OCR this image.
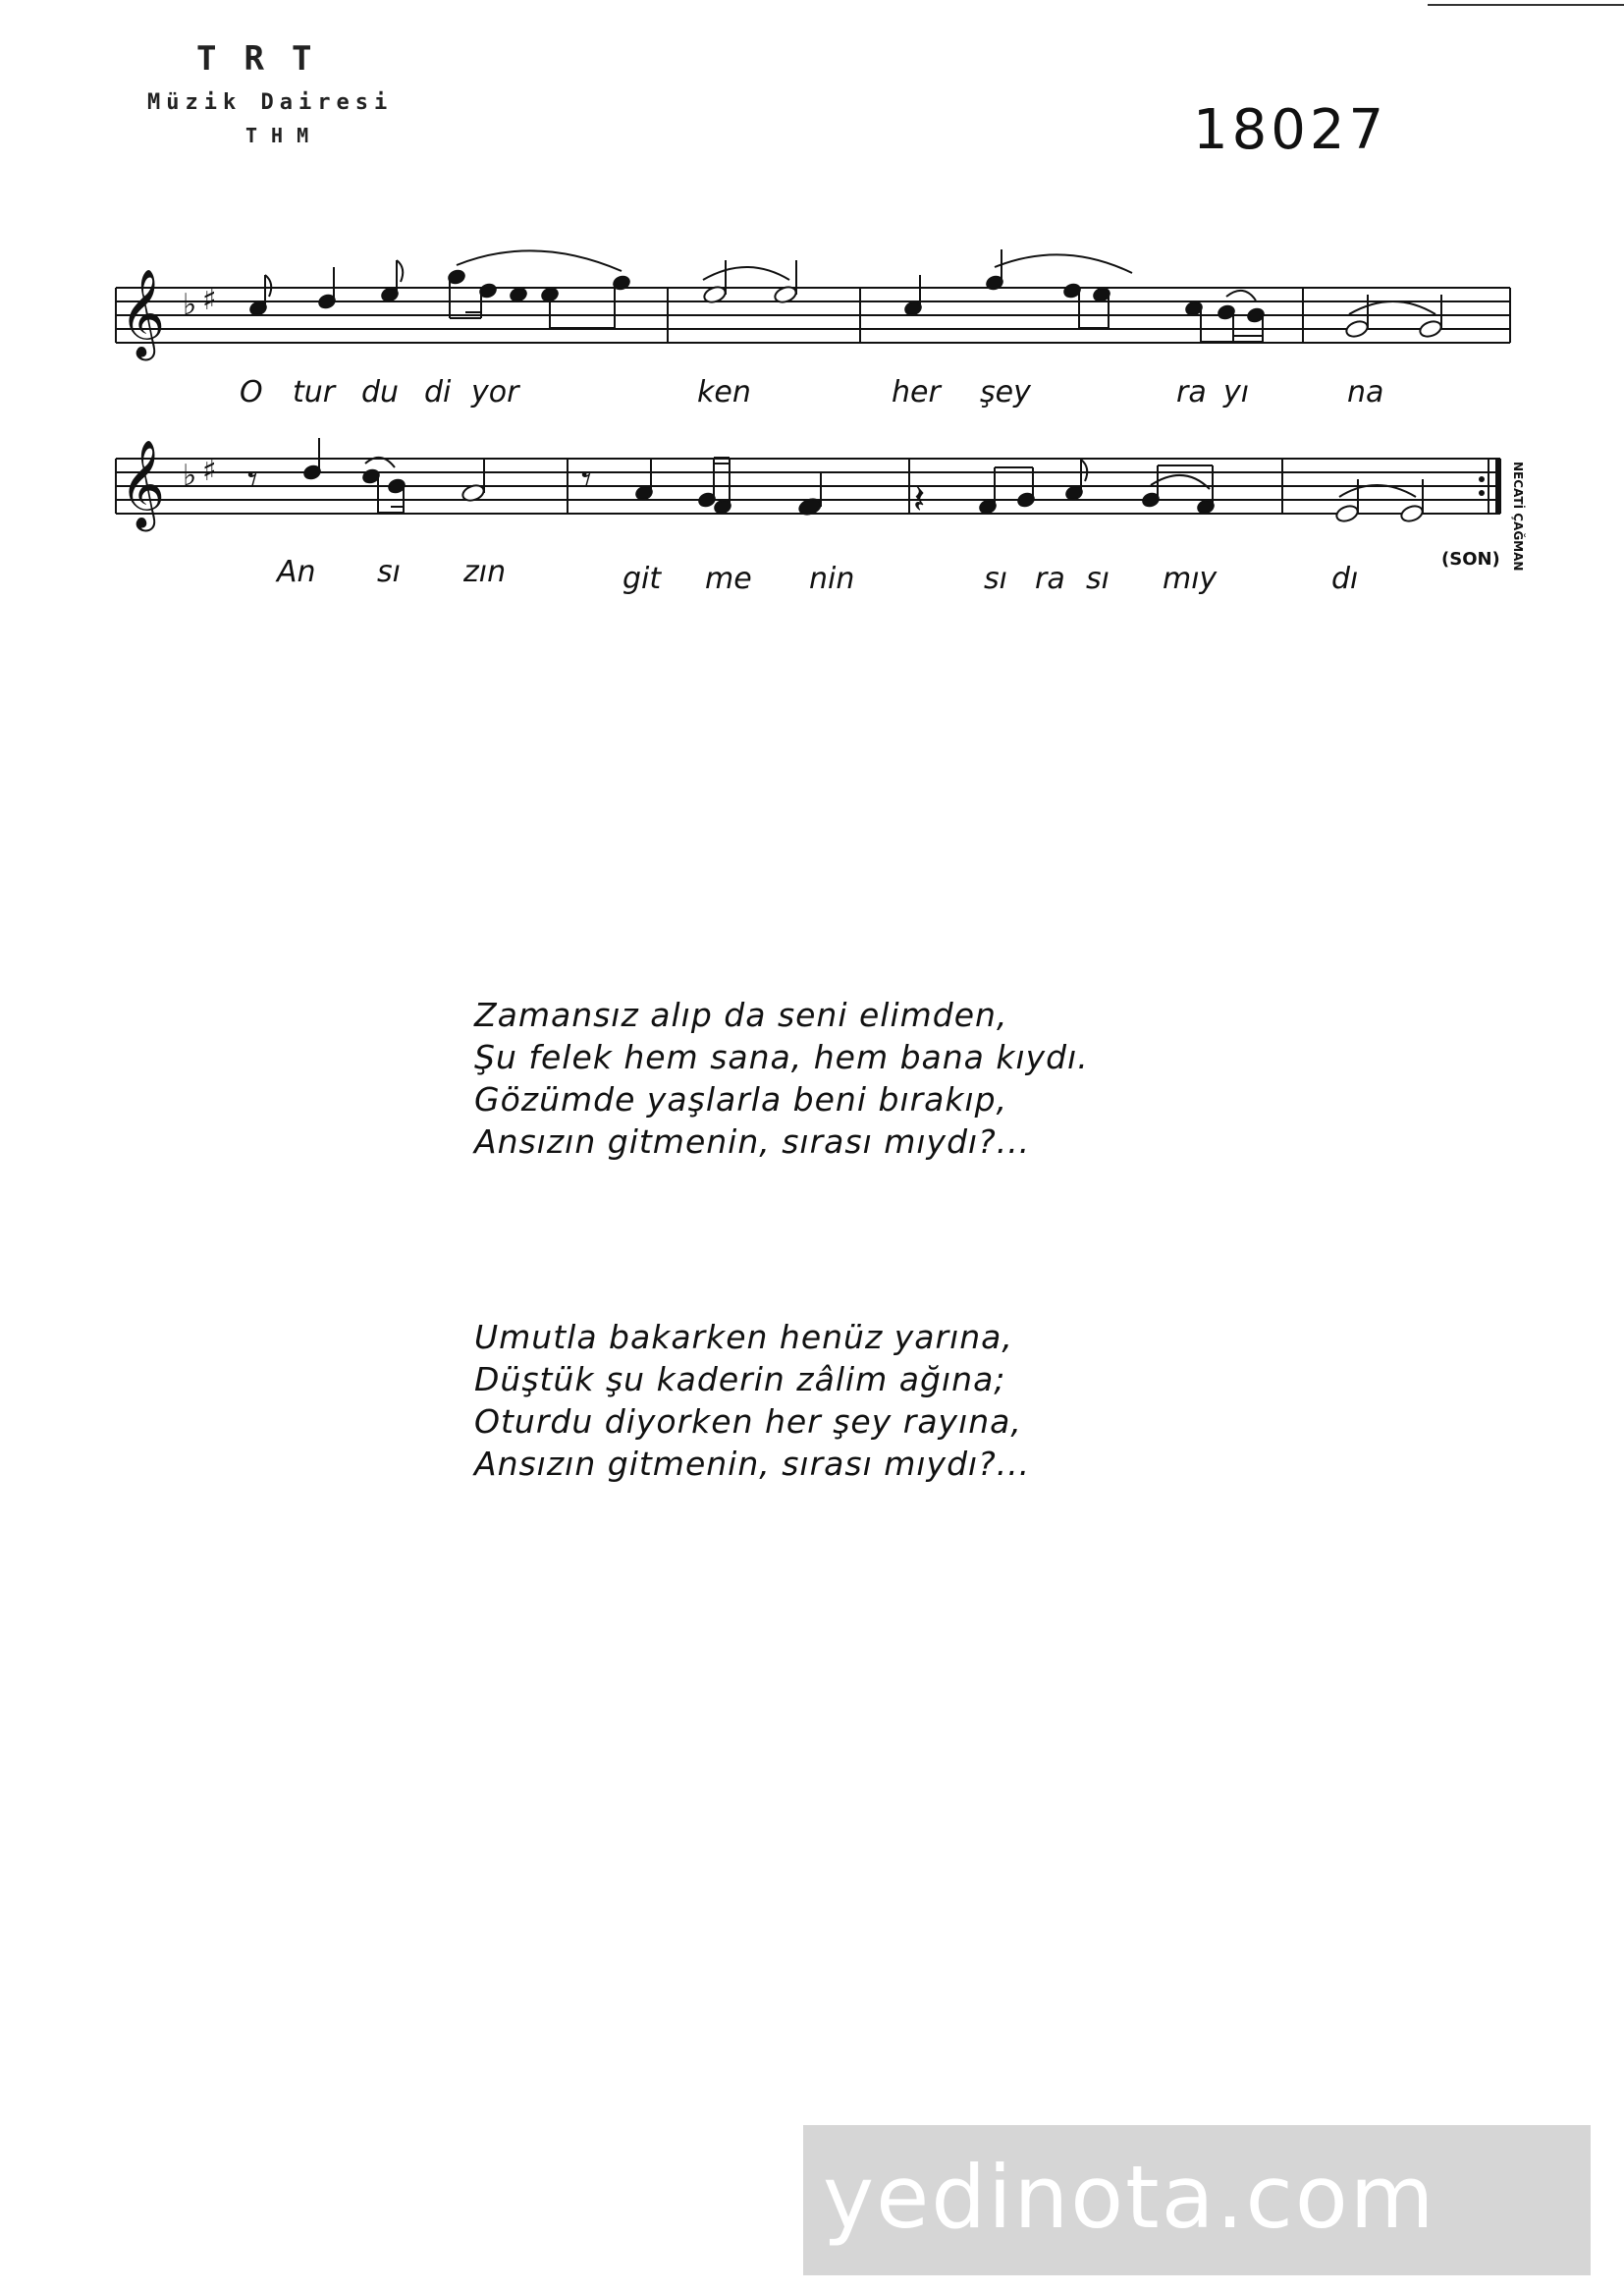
TRT
Müzik Dairesi
THM	18027
𝄞 ♭ ♯
O tur du di yor	ken	her şey	ra yı	na
𝄞 ♭ ♯ 𝄾	𝄾	𝄽
An sı zın	git me nin	sı ra sı mıy	dı
(SON) NECATİ ÇAĞMAN
Zamansız alıp da seni elimden,
Şu felek hem sana, hem bana kıydı.
Gözümde yaşlarla beni bırakıp,
Ansızın gitmenin, sırası mıydı?...
Umutla bakarken henüz yarına,
Düştük şu kaderin zâlim ağına;
Oturdu diyorken her şey rayına,
Ansızın gitmenin, sırası mıydı?...
yedinota.com
